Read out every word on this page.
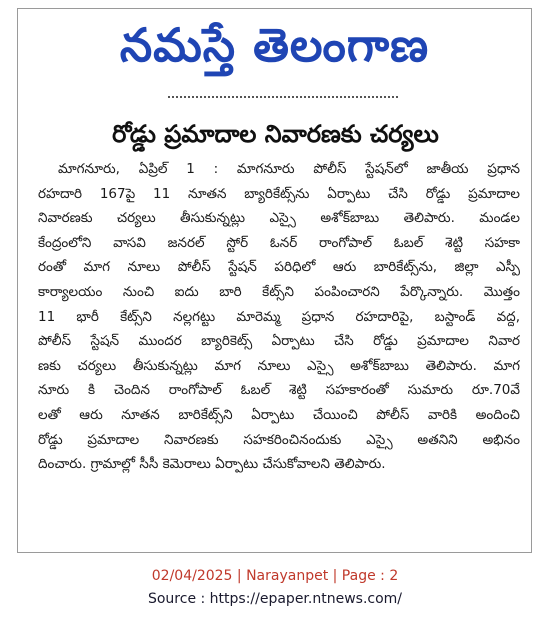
నమస్తే తెలంగాణ
రోడ్డు ప్రమాదాల నివారణకు చర్యలు
మాగనూరు, ఏప్రిల్ 1 : మాగనూరు పోలీస్ స్టేషన్‌లో జాతీయ ప్రధాన
రహదారి 167పై 11 నూతన బ్యారికేట్స్‌ను ఏర్పాటు చేసి రోడ్డు ప్రమాదాల
నివారణకు చర్యలు తీసుకున్నట్లు ఎస్సై అశోక్‌బాబు తెలిపారు. మండల
కేంద్రంలోని వాసవి జనరల్ స్టోర్ ఓనర్ రాంగోపాల్ ఓబల్ శెట్టి సహకా
రంతో మాగ నూలు పోలీస్ స్టేషన్ పరిధిలో ఆరు బారికేట్స్‌ను, జిల్లా ఎస్పీ
కార్యాలయం నుంచి ఐదు బారి కేట్స్‌ని పంపించారని పేర్కొన్నారు. మొత్తం
11 భారీ కేట్స్‌ని నల్లగట్టు మారెమ్మ ప్రధాన రహదారిపై, బస్టాండ్ వద్ద,
పోలీస్ స్టేషన్ ముందర బ్యారికెట్స్ ఏర్పాటు చేసి రోడ్డు ప్రమాదాల నివార
ణకు చర్యలు తీసుకున్నట్లు మాగ నూలు ఎస్సై అశోక్‌బాబు తెలిపారు. మాగ
నూరు కి చెందిన రాంగోపాల్ ఓబల్ శెట్టి సహకారంతో సుమారు రూ.70వే
లతో ఆరు నూతన బారికేట్స్‌ని ఏర్పాటు చేయించి పోలీస్ వారికి అందించి
రోడ్డు ప్రమాదాల నివారణకు సహకరించినందుకు ఎస్సై అతనిని అభినం
దించారు. గ్రామాల్లో సీసీ కెమెరాలు ఏర్పాటు చేసుకోవాలని తెలిపారు.
02/04/2025 | Narayanpet | Page : 2
Source : https://epaper.ntnews.com/
